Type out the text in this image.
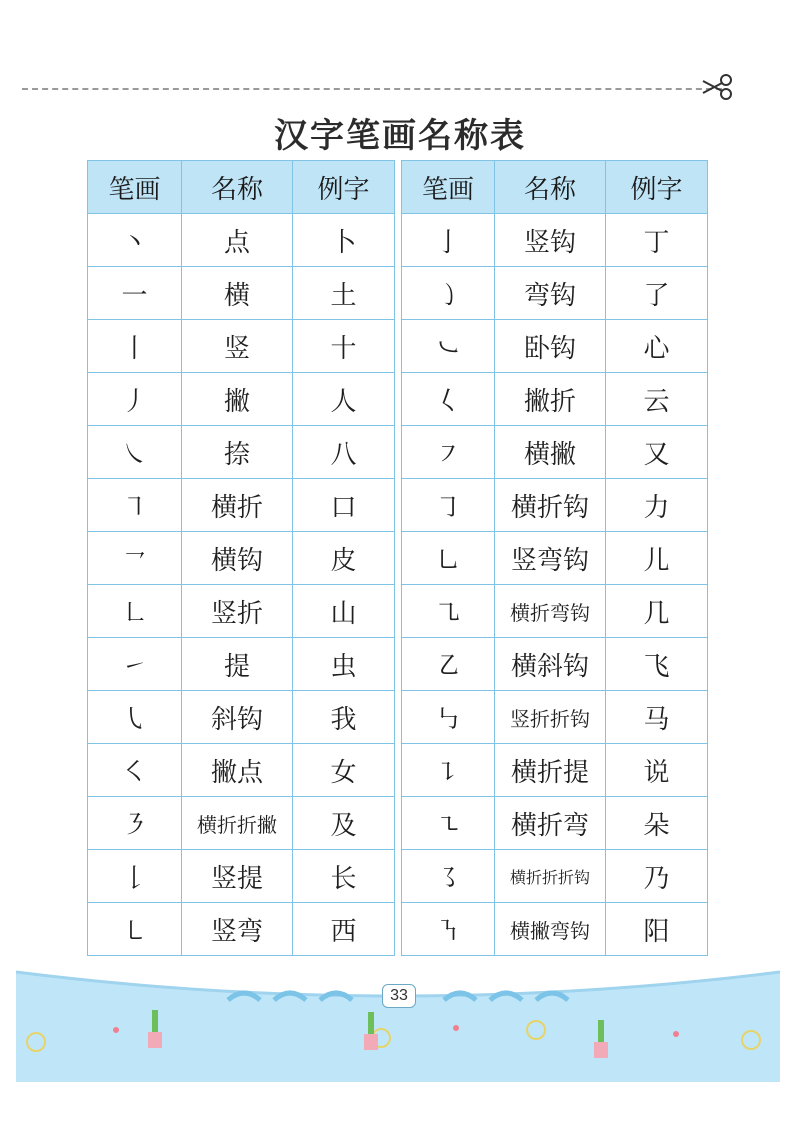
汉字笔画名称表
笔画	名称	例字
丶	点	卜
一	横	土
丨	竖	十
丿	撇	人
㇏	捺	八
㇕	横折	口
㇖	横钩	皮
㇗	竖折	山
㇀	提	虫
㇂	斜钩	我
㇛	撇点	女
㇋	横折折撇	及
𠄌	竖提	长
㇄	竖弯	西
笔画	名称	例字
亅	竖钩	丁
㇁	弯钩	了
㇃	卧钩	心
𡿨	撇折	云
㇇	横撇	又
㇆	横折钩	力
㇟	竖弯钩	儿
㇈	横折弯钩	几
㇠	横斜钩	飞
㇉	竖折折钩	马
㇊	横折提	说
㇍	横折弯	朵
㇌	横折折折钩	乃
㇎	横撇弯钩	阳
33
